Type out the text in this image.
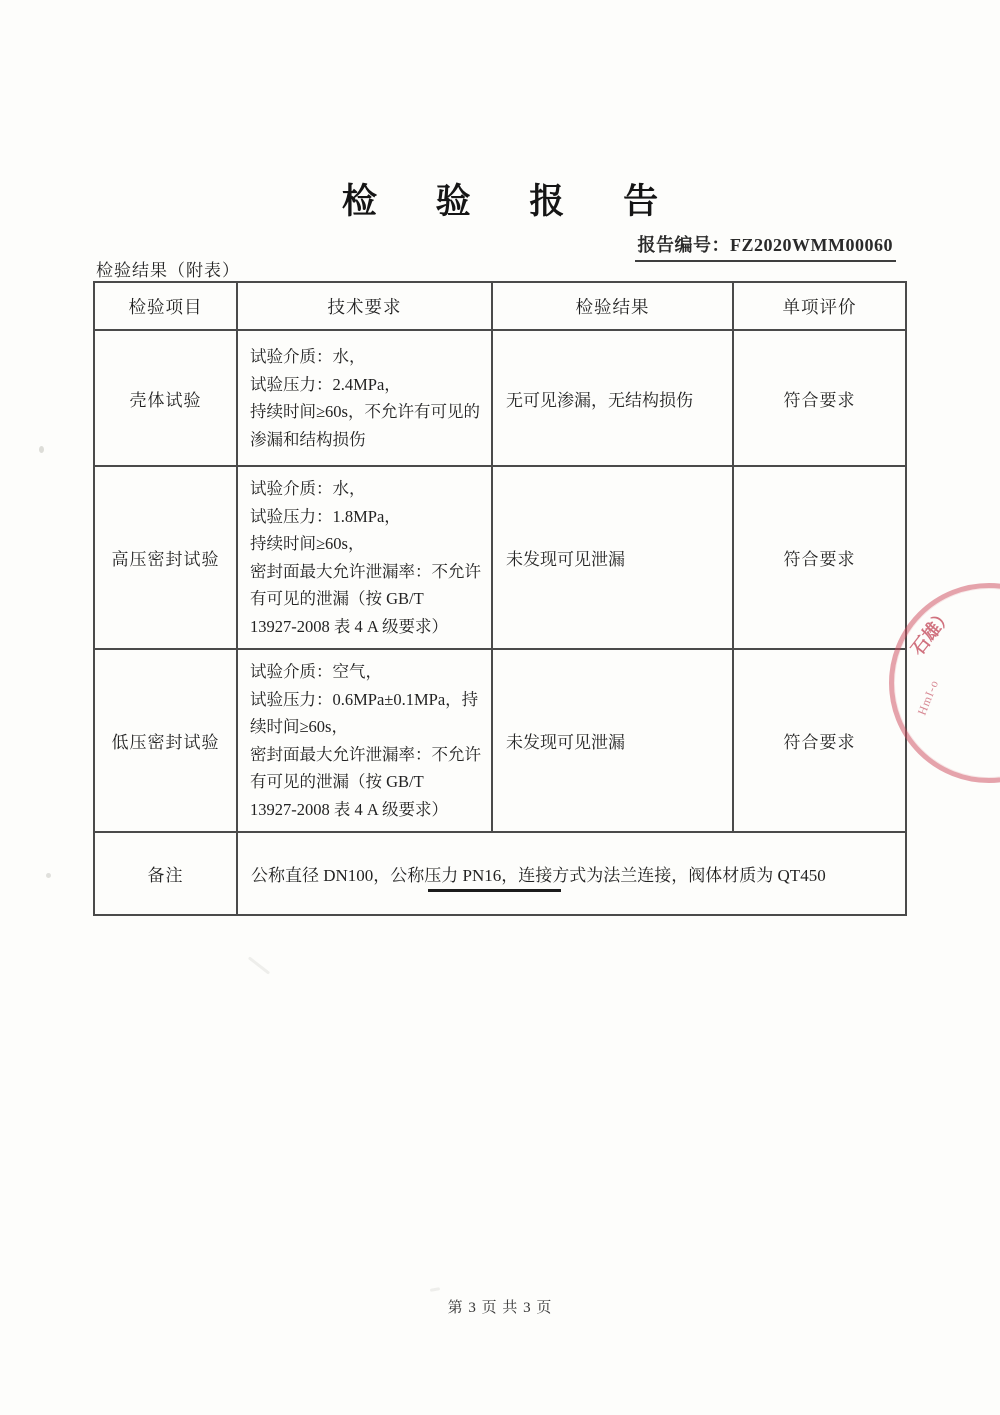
检 验 报 告
报告编号：FZ2020WMM00060
检验结果（附表）
检验项目	技术要求	检验结果	单项评价
壳体试验	试验介质：水，
试验压力：2.4MPa，
持续时间≥60s，不允许有可见的
渗漏和结构损伤	无可见渗漏，无结构损伤	符合要求
高压密封试验	试验介质：水，
试验压力：1.8MPa，
持续时间≥60s，
密封面最大允许泄漏率：不允许
有可见的泄漏（按 GB/T
13927-2008 表 4 A 级要求）	未发现可见泄漏	符合要求
低压密封试验	试验介质：空气，
试验压力：0.6MPa±0.1MPa，持
续时间≥60s，
密封面最大允许泄漏率：不允许
有可见的泄漏（按 GB/T
13927-2008 表 4 A 级要求）	未发现可见泄漏	符合要求
备注	公称直径 DN100，公称压力 PN16，连接方式为法兰连接，阀体材质为 QT450		
石雄）
HmI-o
第 3 页 共 3 页
